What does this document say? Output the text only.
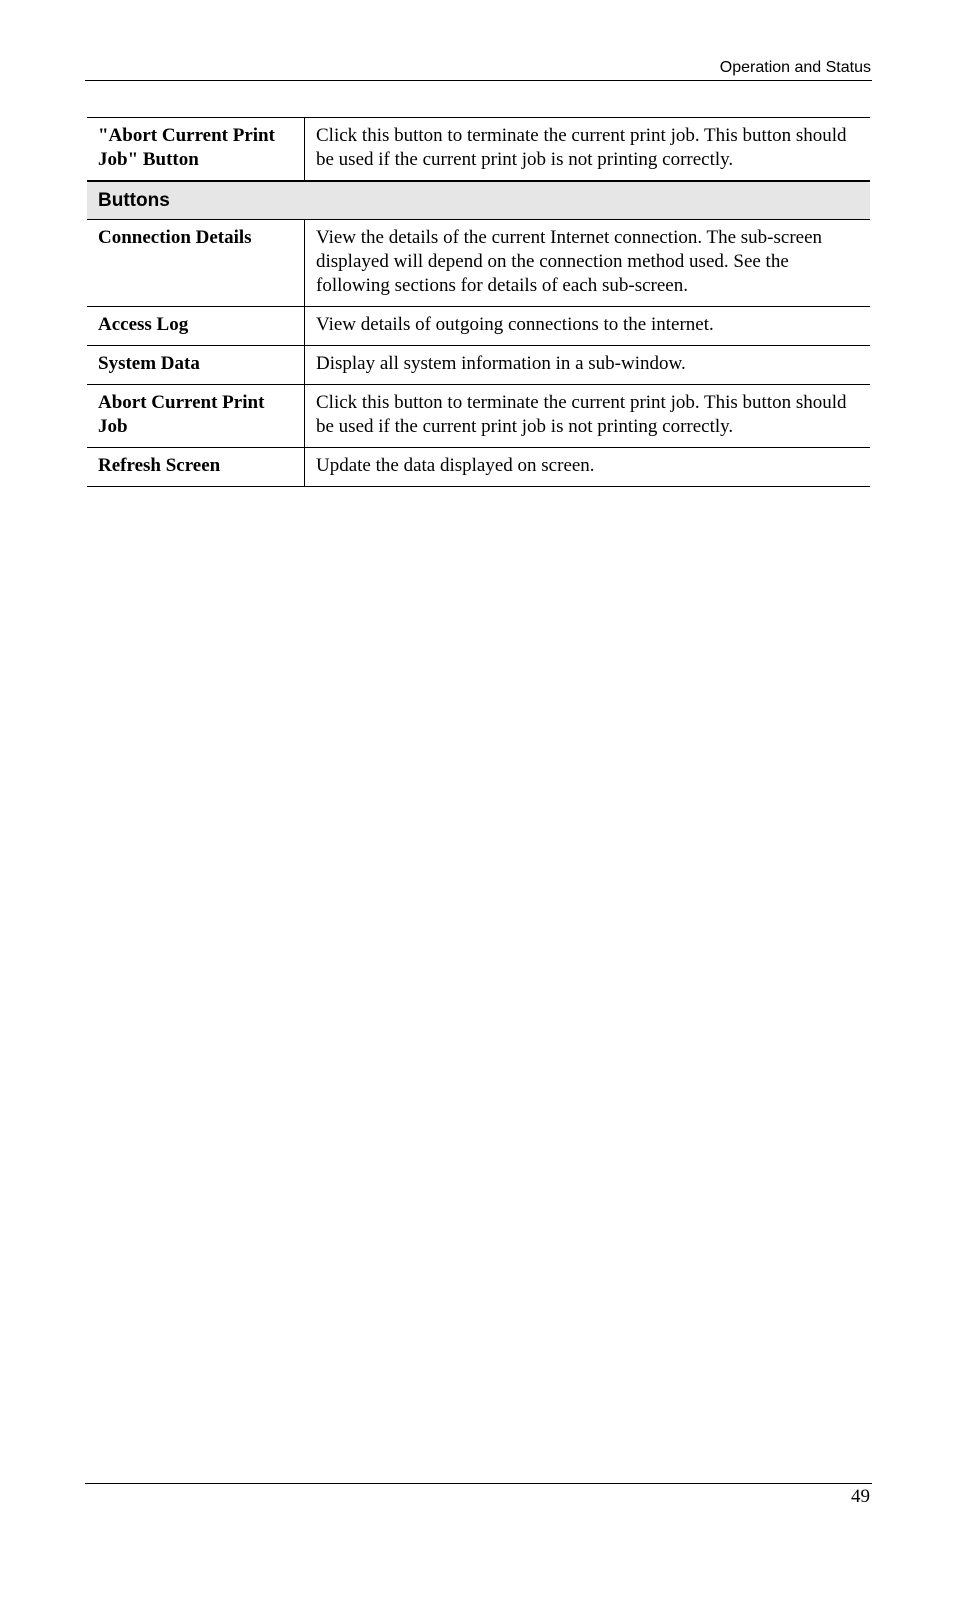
Operation and Status
"Abort Current Print Job" Button	Click this button to terminate the current print job. This button should be used if the current print job is not printing correctly.
Buttons	
Connection Details	View the details of the current Internet connection. The sub-screen displayed will depend on the connection method used. See the following sections for details of each sub-screen.
Access Log	View details of outgoing connections to the internet.
System Data	Display all system information in a sub-window.
Abort Current Print Job	Click this button to terminate the current print job. This button should be used if the current print job is not printing correctly.
Refresh Screen	Update the data displayed on screen.
49
